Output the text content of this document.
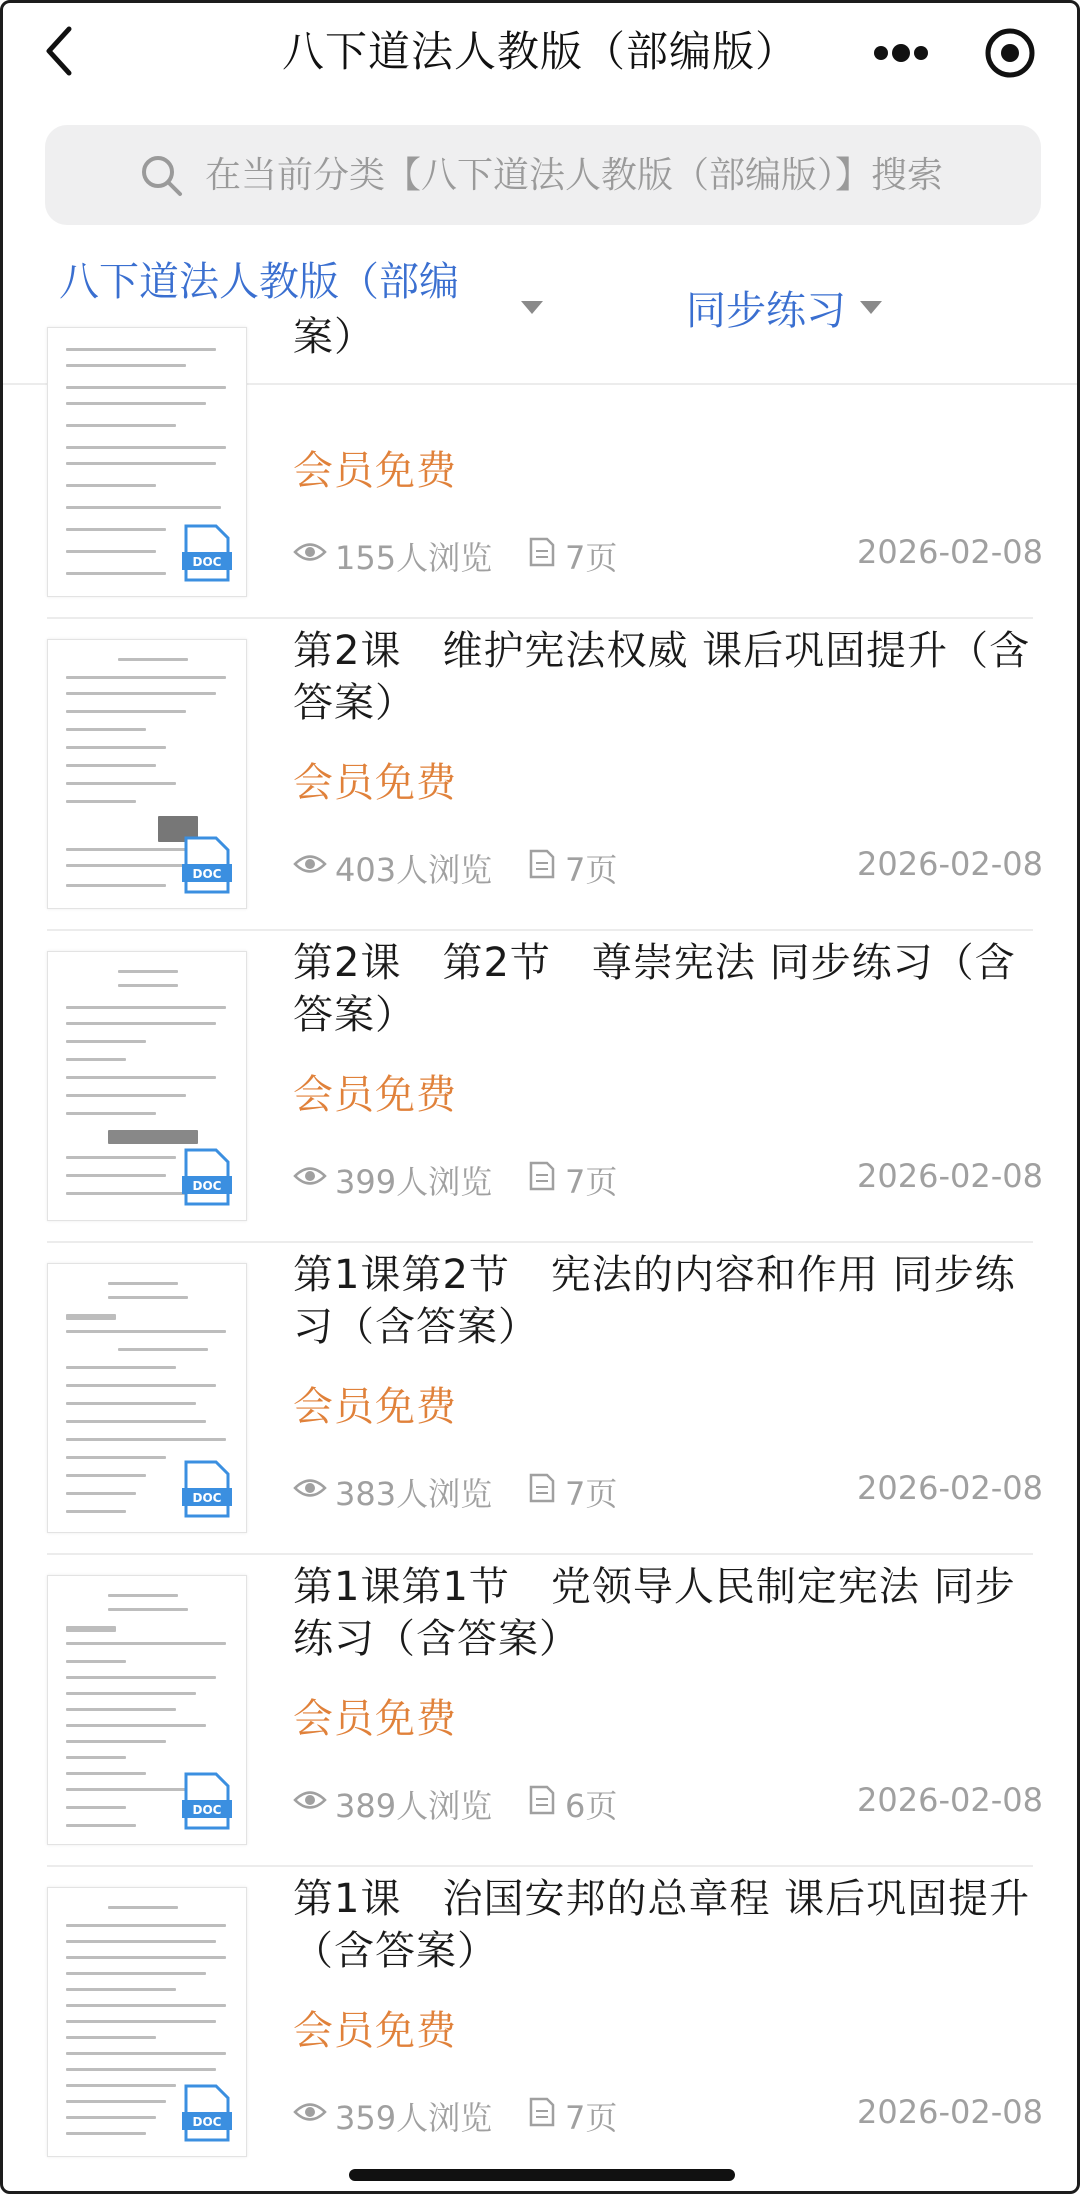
八下道法人教版（部编版）
在当前分类【八下道法人教版（部编版）】搜索
八下道法人教版（部编
同步练习
DOC
案）
会员免费
155人浏览 7页	2026-02-08
DOC
第2课　维护宪法权威 课后巩固提升（含答案）
会员免费
403人浏览 7页	2026-02-08
DOC
第2课　第2节　尊崇宪法 同步练习（含答案）
会员免费
399人浏览 7页	2026-02-08
DOC
第1课第2节　宪法的内容和作用 同步练习（含答案）
会员免费
383人浏览 7页	2026-02-08
DOC
第1课第1节　党领导人民制定宪法 同步练习（含答案）
会员免费
389人浏览 6页	2026-02-08
DOC
第1课　治国安邦的总章程 课后巩固提升（含答案）
会员免费
359人浏览 7页	2026-02-08
